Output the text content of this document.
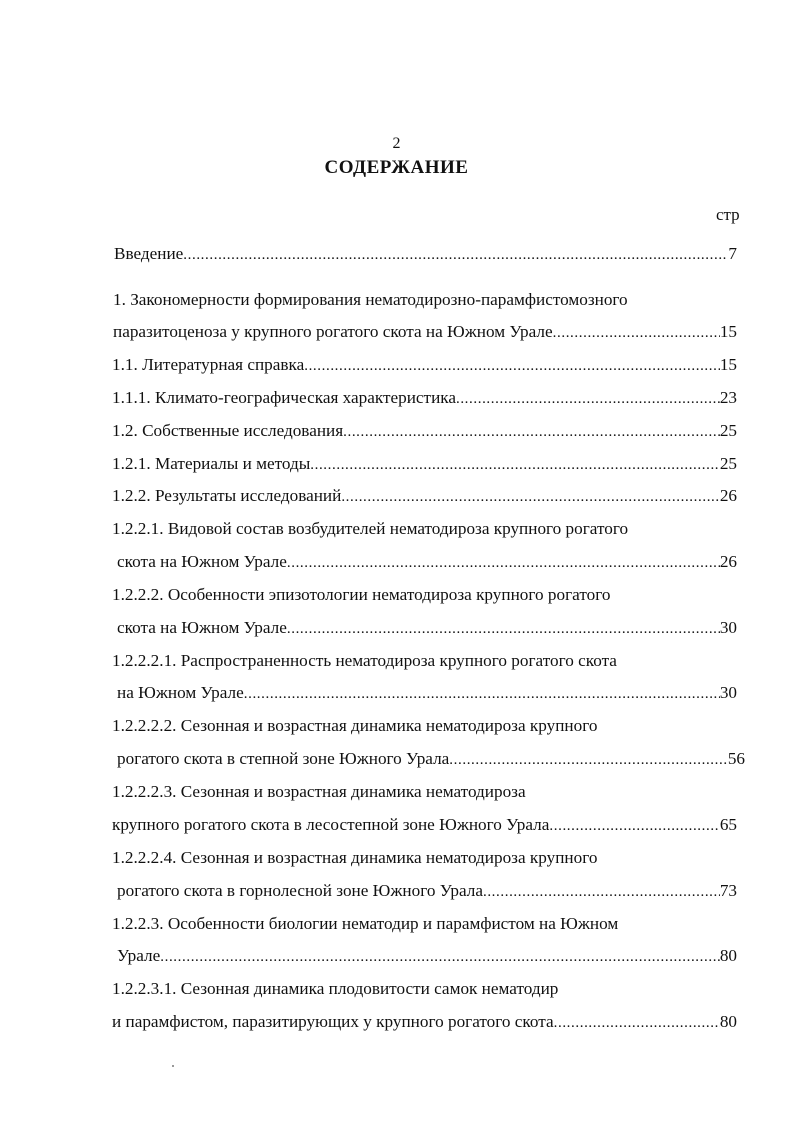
2
СОДЕРЖАНИЕ
стр
Введение .....	7
1. Закономерности формирования нематодирозно-парамфистомозного
паразитоценоза у крупного рогатого скота на Южном Урале .....	15
1.1. Литературная справка .....	15
1.1.1. Климато-географическая характеристика .....	23
1.2. Собственные исследования .....	25
1.2.1. Материалы и методы .....	25
1.2.2. Результаты исследований .....	26
1.2.2.1. Видовой состав возбудителей нематодироза крупного рогатого
скота на Южном Урале .....	26
1.2.2.2. Особенности эпизотологии нематодироза крупного рогатого
скота на Южном Урале .....	30
1.2.2.2.1. Распространенность нематодироза крупного рогатого скота
на Южном Урале .....	30
1.2.2.2.2. Сезонная и возрастная динамика нематодироза крупного
рогатого скота в степной зоне Южного Урала .....	56
1.2.2.2.3. Сезонная и возрастная динамика нематодироза
крупного рогатого скота в лесостепной зоне Южного Урала .....	65
1.2.2.2.4. Сезонная и возрастная динамика нематодироза крупного
рогатого скота в горнолесной зоне Южного Урала .....	73
1.2.2.3. Особенности биологии нематодир и парамфистом на Южном
Урале .....	80
1.2.2.3.1. Сезонная динамика плодовитости самок нематодир
и парамфистом, паразитирующих у крупного рогатого скота .....	80
